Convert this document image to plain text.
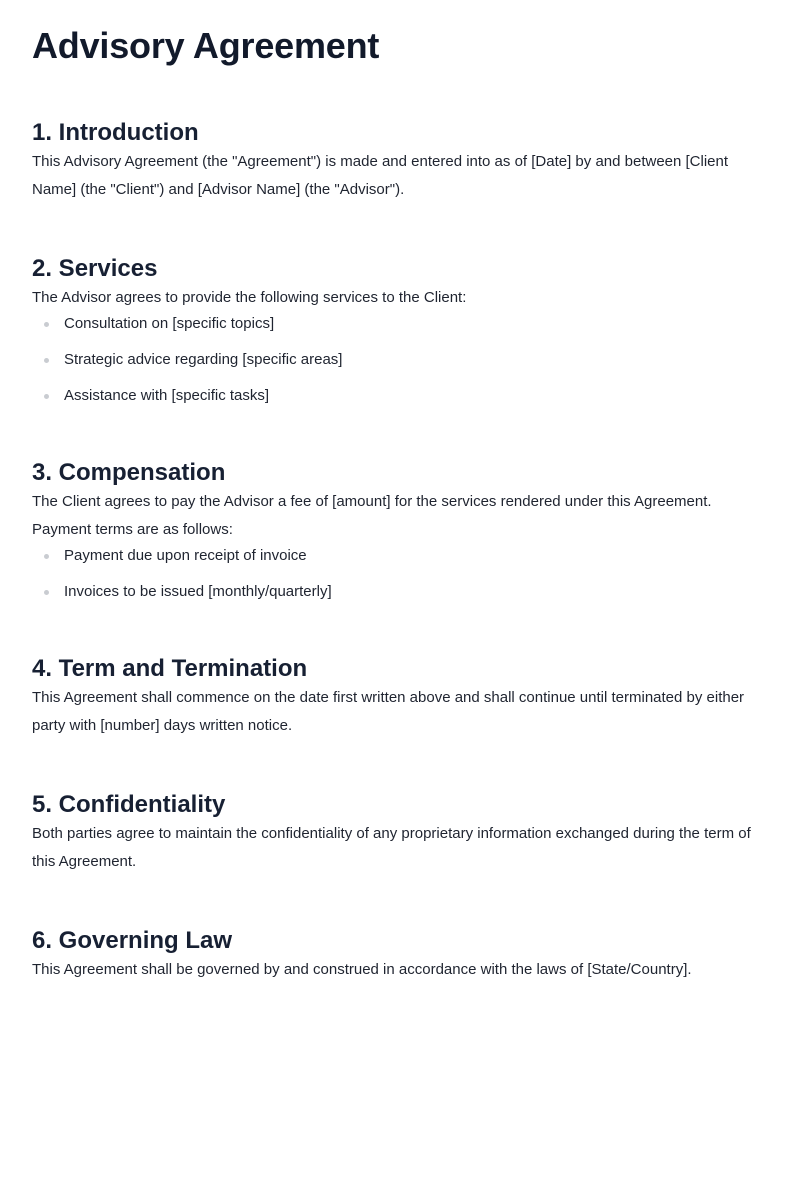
Advisory Agreement
1. Introduction

This Advisory Agreement (the "Agreement") is made and entered into as of [Date] by and between [Client Name] (the "Client") and [Advisor Name] (the "Advisor").

2. Services

The Advisor agrees to provide the following services to the Client:

Consultation on [specific topics]
Strategic advice regarding [specific areas]
Assistance with [specific tasks]
3. Compensation

The Client agrees to pay the Advisor a fee of [amount] for the services rendered under this Agreement. Payment terms are as follows:

Payment due upon receipt of invoice
Invoices to be issued [monthly/quarterly]
4. Term and Termination

This Agreement shall commence on the date first written above and shall continue until terminated by either party with [number] days written notice.

5. Confidentiality

Both parties agree to maintain the confidentiality of any proprietary information exchanged during the term of this Agreement.

6. Governing Law

This Agreement shall be governed by and construed in accordance with the laws of [State/Country].
